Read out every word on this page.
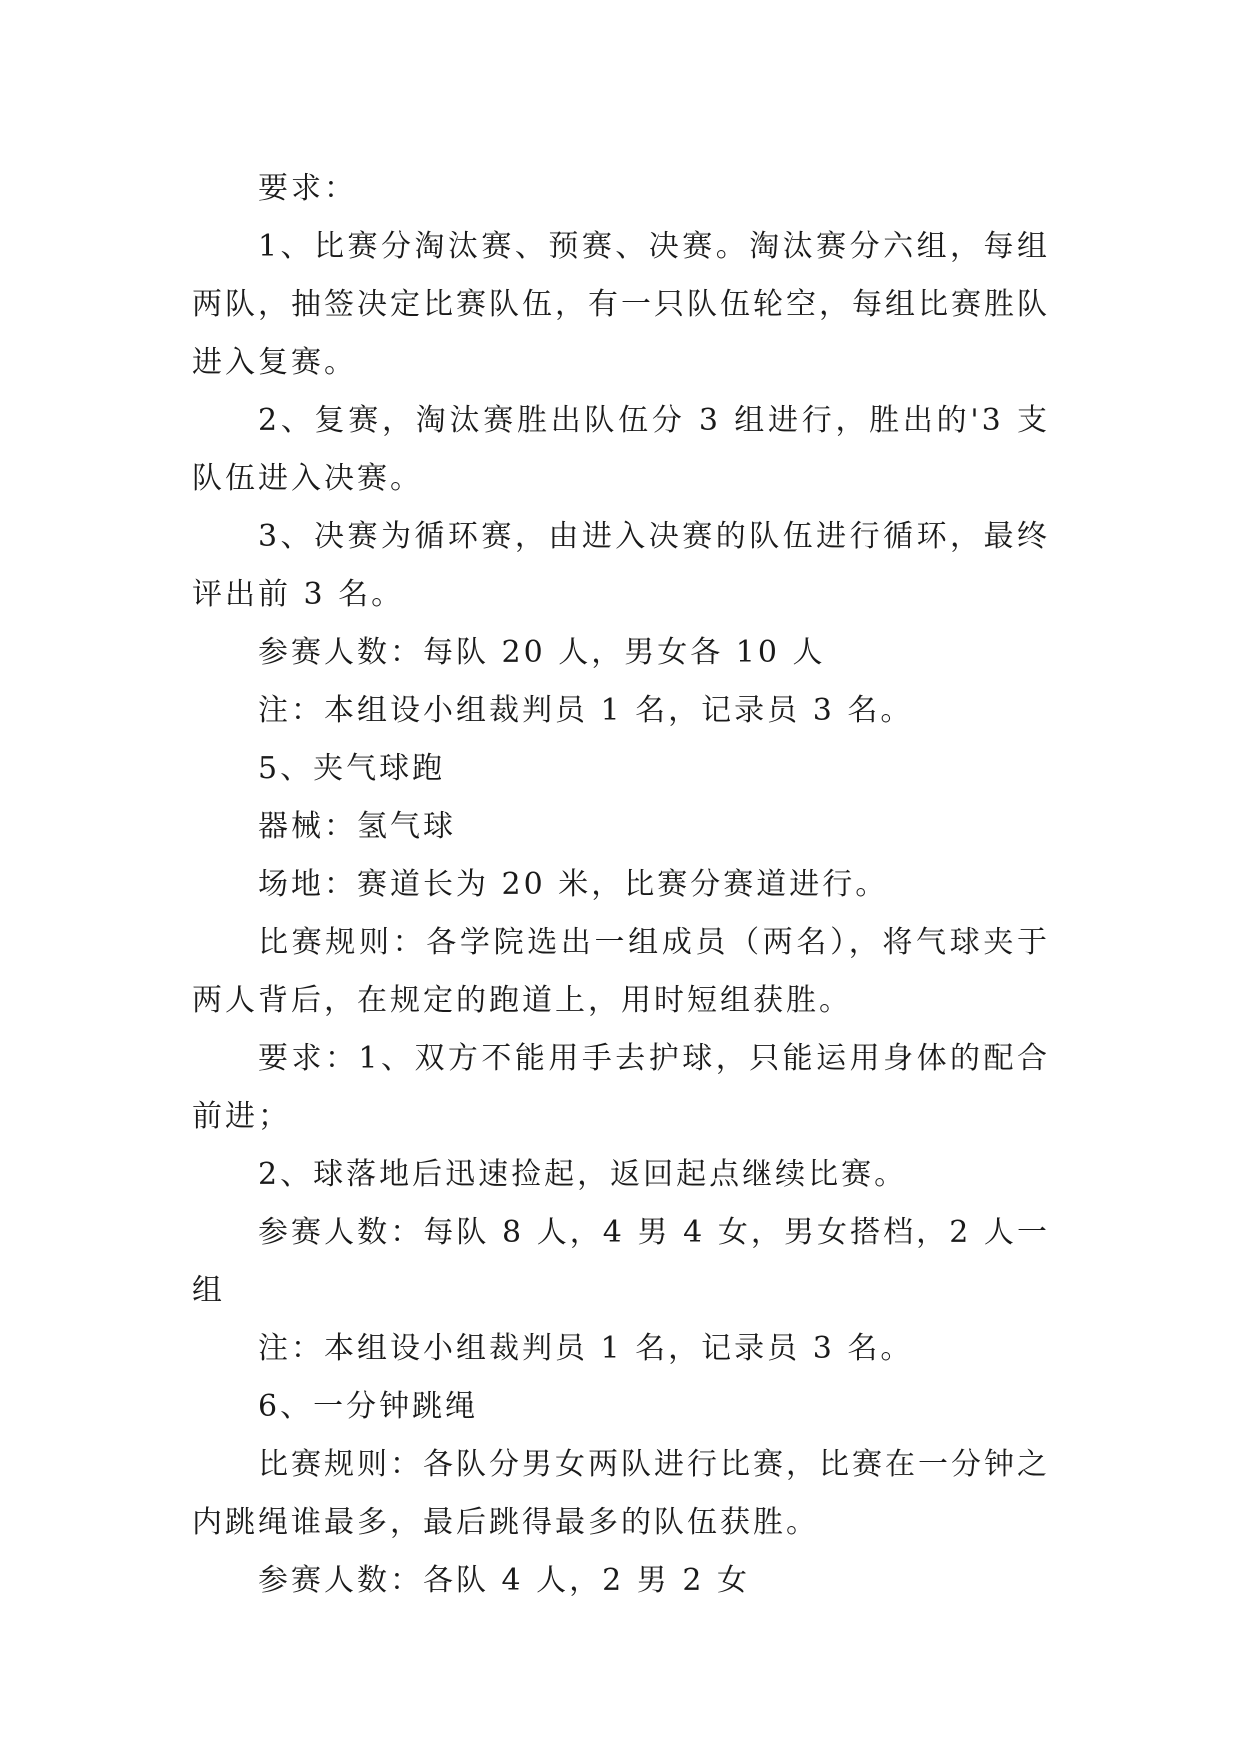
要求：

1、比赛分淘汰赛、预赛、决赛。淘汰赛分六组，每组两队，抽签决定比赛队伍，有一只队伍轮空，每组比赛胜队进入复赛。

2、复赛，淘汰赛胜出队伍分 3 组进行，胜出的'3 支队伍进入决赛。

3、决赛为循环赛，由进入决赛的队伍进行循环，最终评出前 3 名。

参赛人数：每队 20 人，男女各 10 人

注：本组设小组裁判员 1 名，记录员 3 名。

5、夹气球跑

器械：氢气球

场地：赛道长为 20 米，比赛分赛道进行。

比赛规则：各学院选出一组成员（两名），将气球夹于两人背后，在规定的跑道上，用时短组获胜。

要求：1、双方不能用手去护球，只能运用身体的配合前进；

2、球落地后迅速捡起，返回起点继续比赛。

参赛人数：每队 8 人，4 男 4 女，男女搭档，2 人一组

注：本组设小组裁判员 1 名，记录员 3 名。

6、一分钟跳绳

比赛规则：各队分男女两队进行比赛，比赛在一分钟之内跳绳谁最多，最后跳得最多的队伍获胜。

参赛人数：各队 4 人，2 男 2 女
